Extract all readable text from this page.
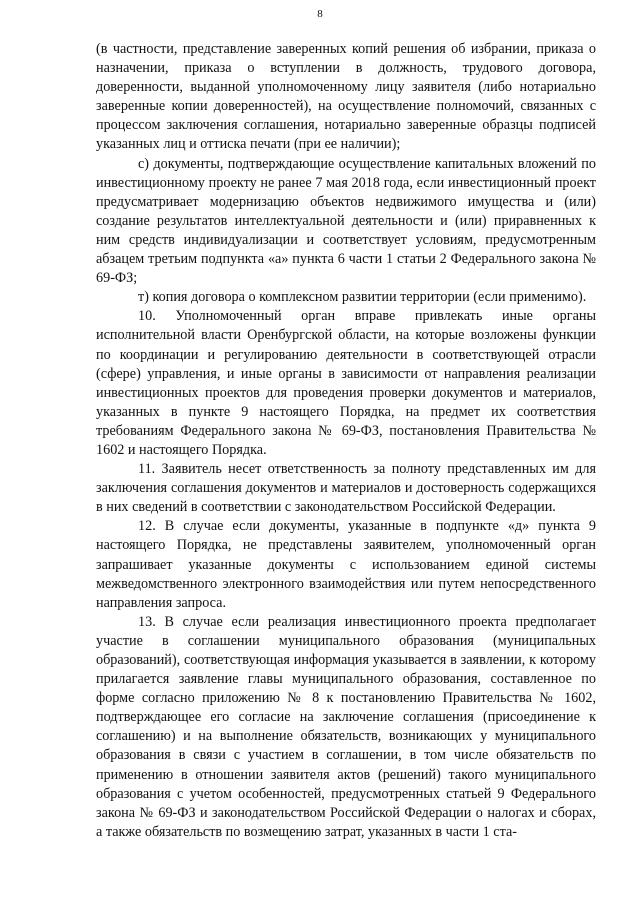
8

(в частности, представление заверенных копий решения об избрании, приказа о назначении, приказа о вступлении в должность, трудового договора, доверенности, выданной уполномоченному лицу заявителя (либо нотариально заверенные копии доверенностей), на осуществление полномочий, связанных с процессом заключения соглашения, нотариально заверенные образцы подписей указанных лиц и оттиска печати (при ее наличии);

с) документы, подтверждающие осуществление капитальных вложений по инвестиционному проекту не ранее 7 мая 2018 года, если инвестиционный проект предусматривает модернизацию объектов недвижимого имущества и (или) создание результатов интеллектуальной деятельности и (или) приравненных к ним средств индивидуализации и соответствует условиям, предусмотренным абзацем третьим подпункта «а» пункта 6 части 1 статьи 2 Федерального закона № 69-ФЗ;

т) копия договора о комплексном развитии территории (если применимо).

10. Уполномоченный орган вправе привлекать иные органы исполнительной власти Оренбургской области, на которые возложены функции по координации и регулированию деятельности в соответствующей отрасли (сфере) управления, и иные органы в зависимости от направления реализации инвестиционных проектов для проведения проверки документов и материалов, указанных в пункте 9 настоящего Порядка, на предмет их соответствия требованиям Федерального закона № 69-ФЗ, постановления Правительства № 1602 и настоящего Порядка.

11. Заявитель несет ответственность за полноту представленных им для заключения соглашения документов и материалов и достоверность содержащихся в них сведений в соответствии с законодательством Российской Федерации.

12. В случае если документы, указанные в подпункте «д» пункта 9 настоящего Порядка, не представлены заявителем, уполномоченный орган запрашивает указанные документы с использованием единой системы межведомственного электронного взаимодействия или путем непосредственного направления запроса.

13. В случае если реализация инвестиционного проекта предполагает участие в соглашении муниципального образования (муниципальных образований), соответствующая информация указывается в заявлении, к которому прилагается заявление главы муниципального образования, составленное по форме согласно приложению № 8 к постановлению Правительства № 1602, подтверждающее его согласие на заключение соглашения (присоединение к соглашению) и на выполнение обязательств, возникающих у муниципального образования в связи с участием в соглашении, в том числе обязательств по применению в отношении заявителя актов (решений) такого муниципального образования с учетом особенностей, предусмотренных статьей 9 Федерального закона № 69-ФЗ и законодательством Российской Федерации о налогах и сборах, а также обязательств по возмещению затрат, указанных в части 1 ста-
